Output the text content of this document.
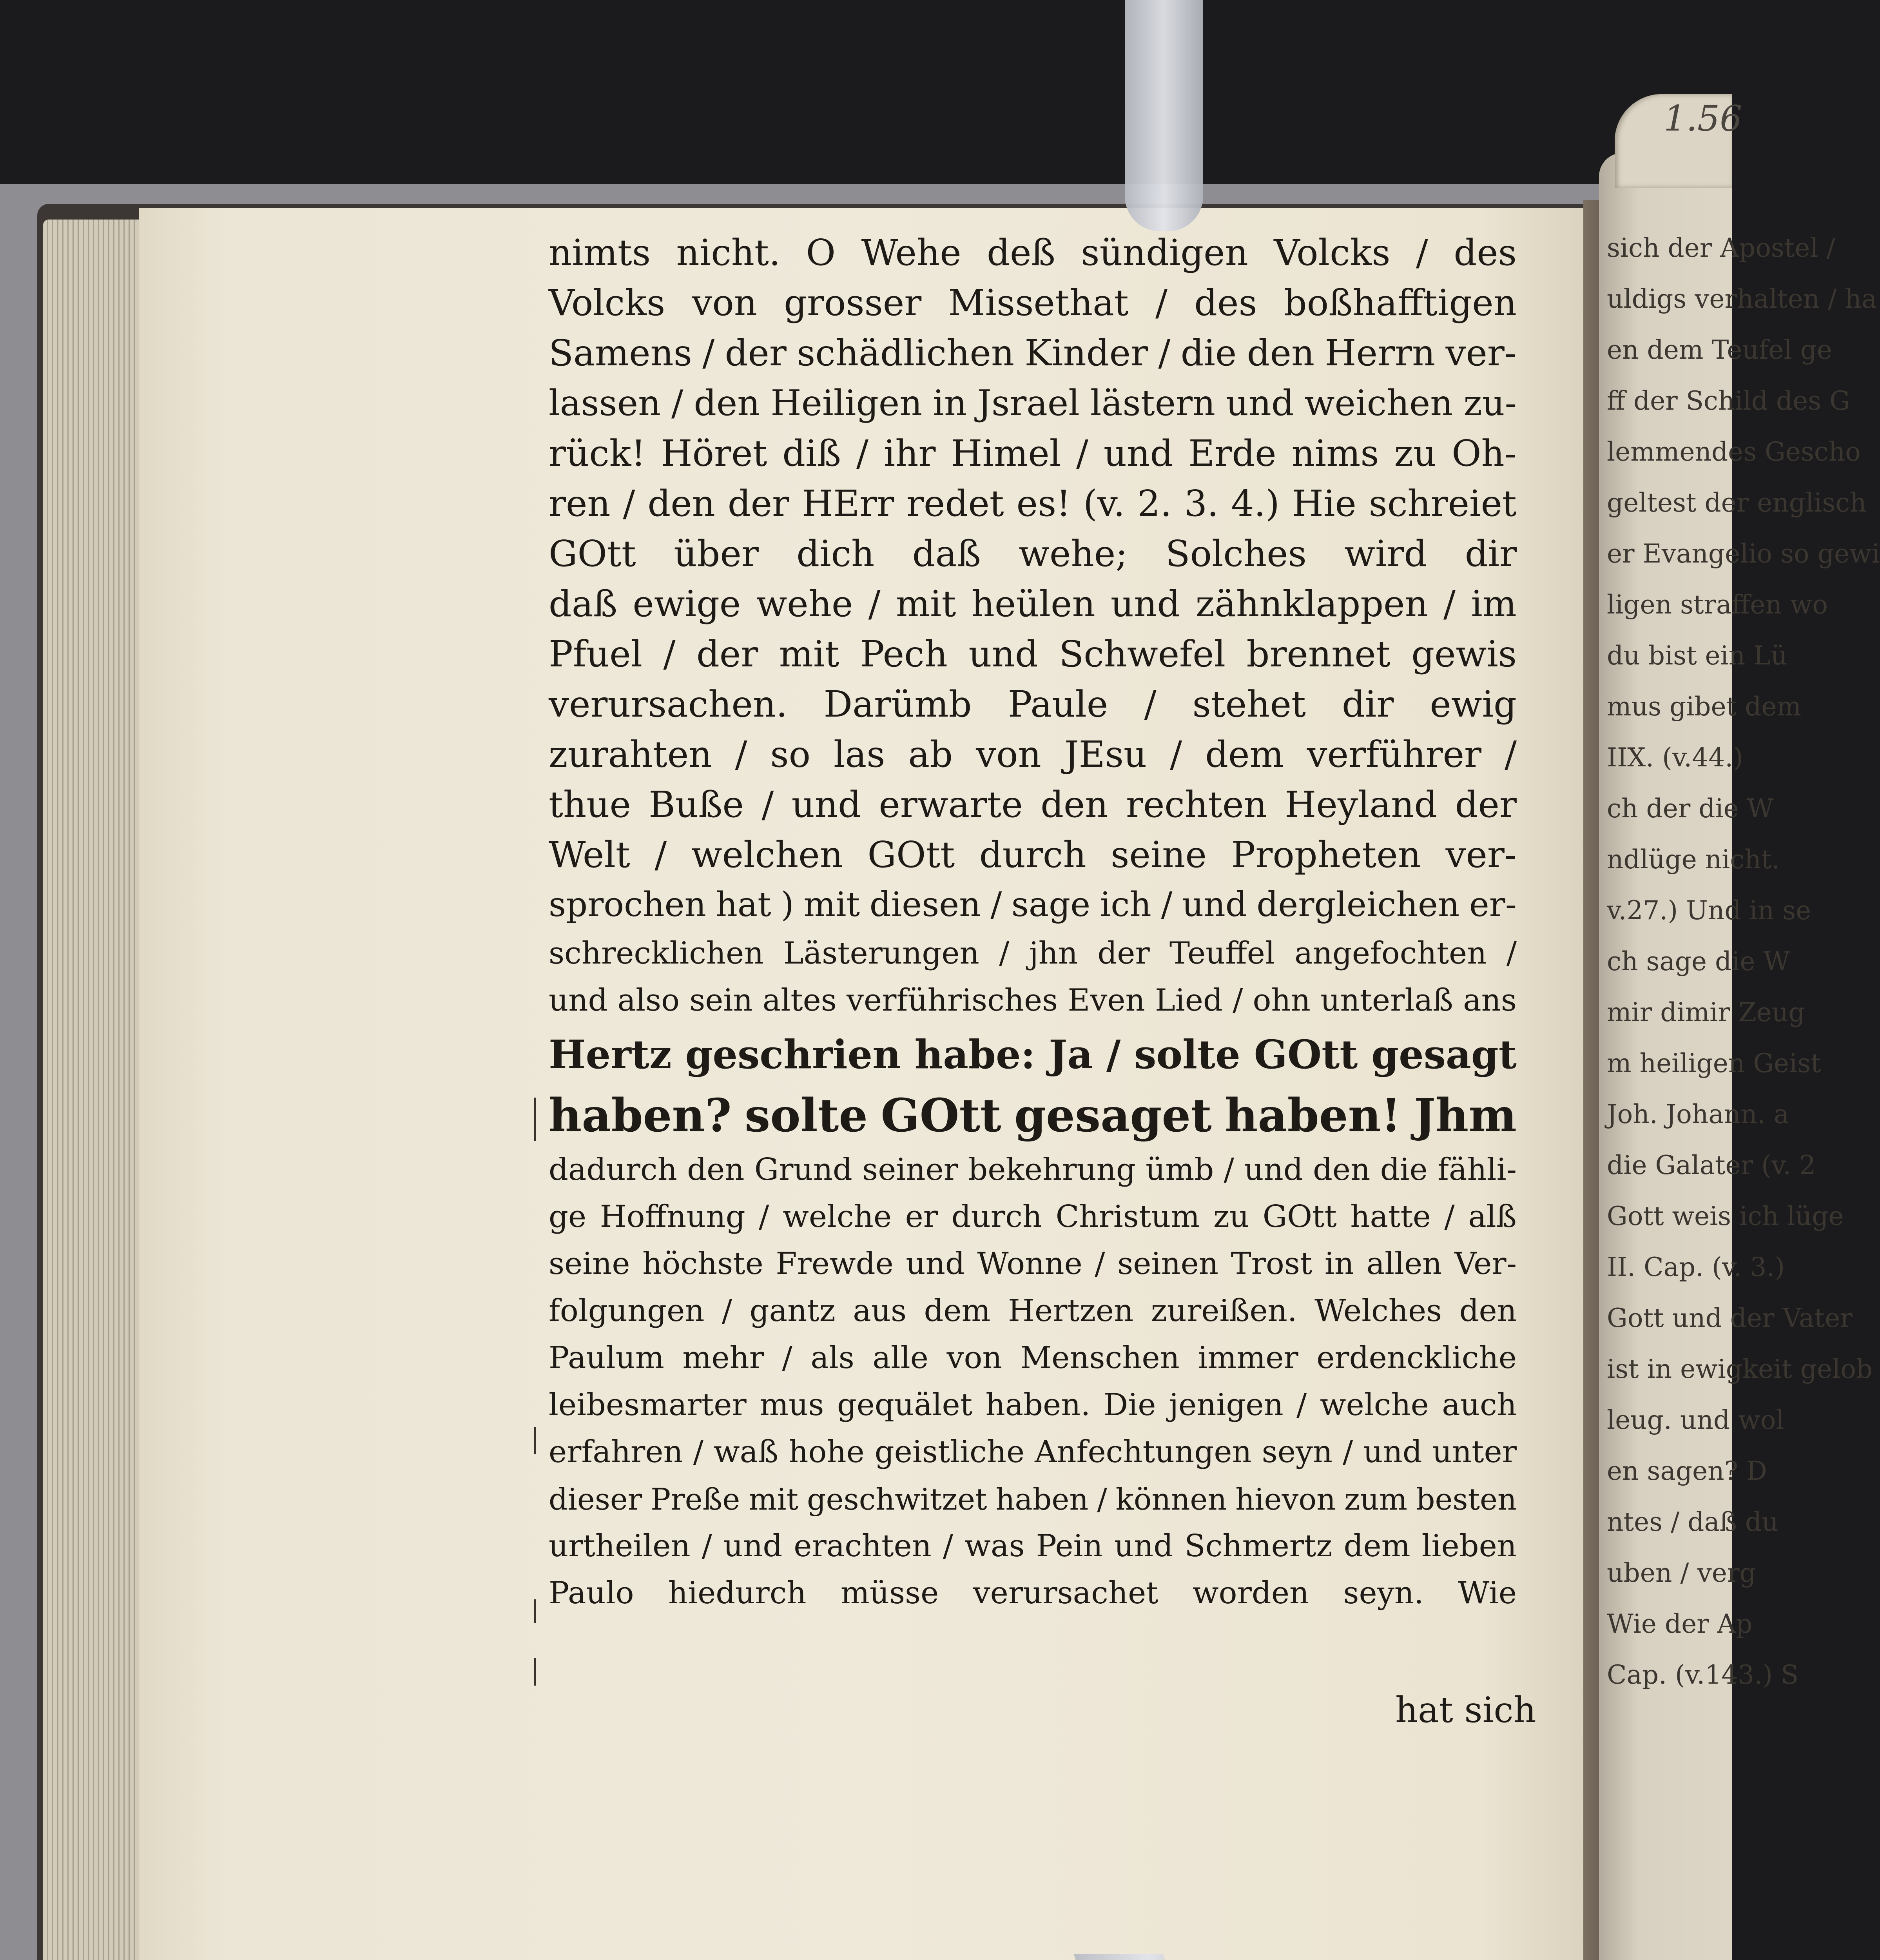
1.56
sich der Apostel /
uldigs verhalten / ha
en dem Teufel ge
ff der Schild des G
lemmendes Gescho
geltest der englisch
er Evangelio so gewi
ligen straffen wo
du bist ein Lü
mus gibet dem
IIX. (v.44.)
ch der die W
ndlüge nicht.
v.27.) Und in se
ch sage die W
mir dimir Zeug
m heiligen Geist
Joh. Johann. a
die Galater (v. 2
Gott weis ich lüge
II. Cap. (v. 3.)
Gott und der Vater
ist in ewigkeit gelob
leug. und wol
en sagen? D
ntes / daß du
uben / verg
Wie der Ap
Cap. (v.143.) S
nimts nicht. O Wehe deß sündigen Volcks / des
Volcks von grosser Missethat / des boßhafftigen
Samens / der schädlichen Kinder / die den Herrn ver-
lassen / den Heiligen in Jsrael lästern und weichen zu-
rück! Höret diß / ihr Himel / und Erde nims zu Oh-
ren / den der HErr redet es! (v. 2. 3. 4.) Hie schreiet
GOtt über dich daß wehe; Solches wird dir
daß ewige wehe / mit heülen und zähnklappen / im
Pfuel / der mit Pech und Schwefel brennet gewis
verursachen. Darümb Paule / stehet dir ewig
zurahten / so las ab von JEsu / dem verführer /
thue Buße / und erwarte den rechten Heyland der
Welt / welchen GOtt durch seine Propheten ver-
sprochen hat ) mit diesen / sage ich / und dergleichen er-
schrecklichen Lästerungen / jhn der Teuffel angefochten /
und also sein altes verführisches Even Lied / ohn unterlaß ans
Hertz geschrien habe: Ja / solte GOtt gesagt
haben? solte GOtt gesaget haben! Jhm
dadurch den Grund seiner bekehrung ümb / und den die fähli-
ge Hoffnung / welche er durch Christum zu GOtt hatte / alß
seine höchste Frewde und Wonne / seinen Trost in allen Ver-
folgungen / gantz aus dem Hertzen zureißen. Welches den
Paulum mehr / als alle von Menschen immer erdenckliche
leibesmarter mus gequälet haben. Die jenigen / welche auch
erfahren / waß hohe geistliche Anfechtungen seyn / und unter
dieser Preße mit geschwitzet haben / können hievon zum besten
urtheilen / und erachten / was Pein und Schmertz dem lieben
Paulo hiedurch müsse verursachet worden seyn. Wie
hat sich
